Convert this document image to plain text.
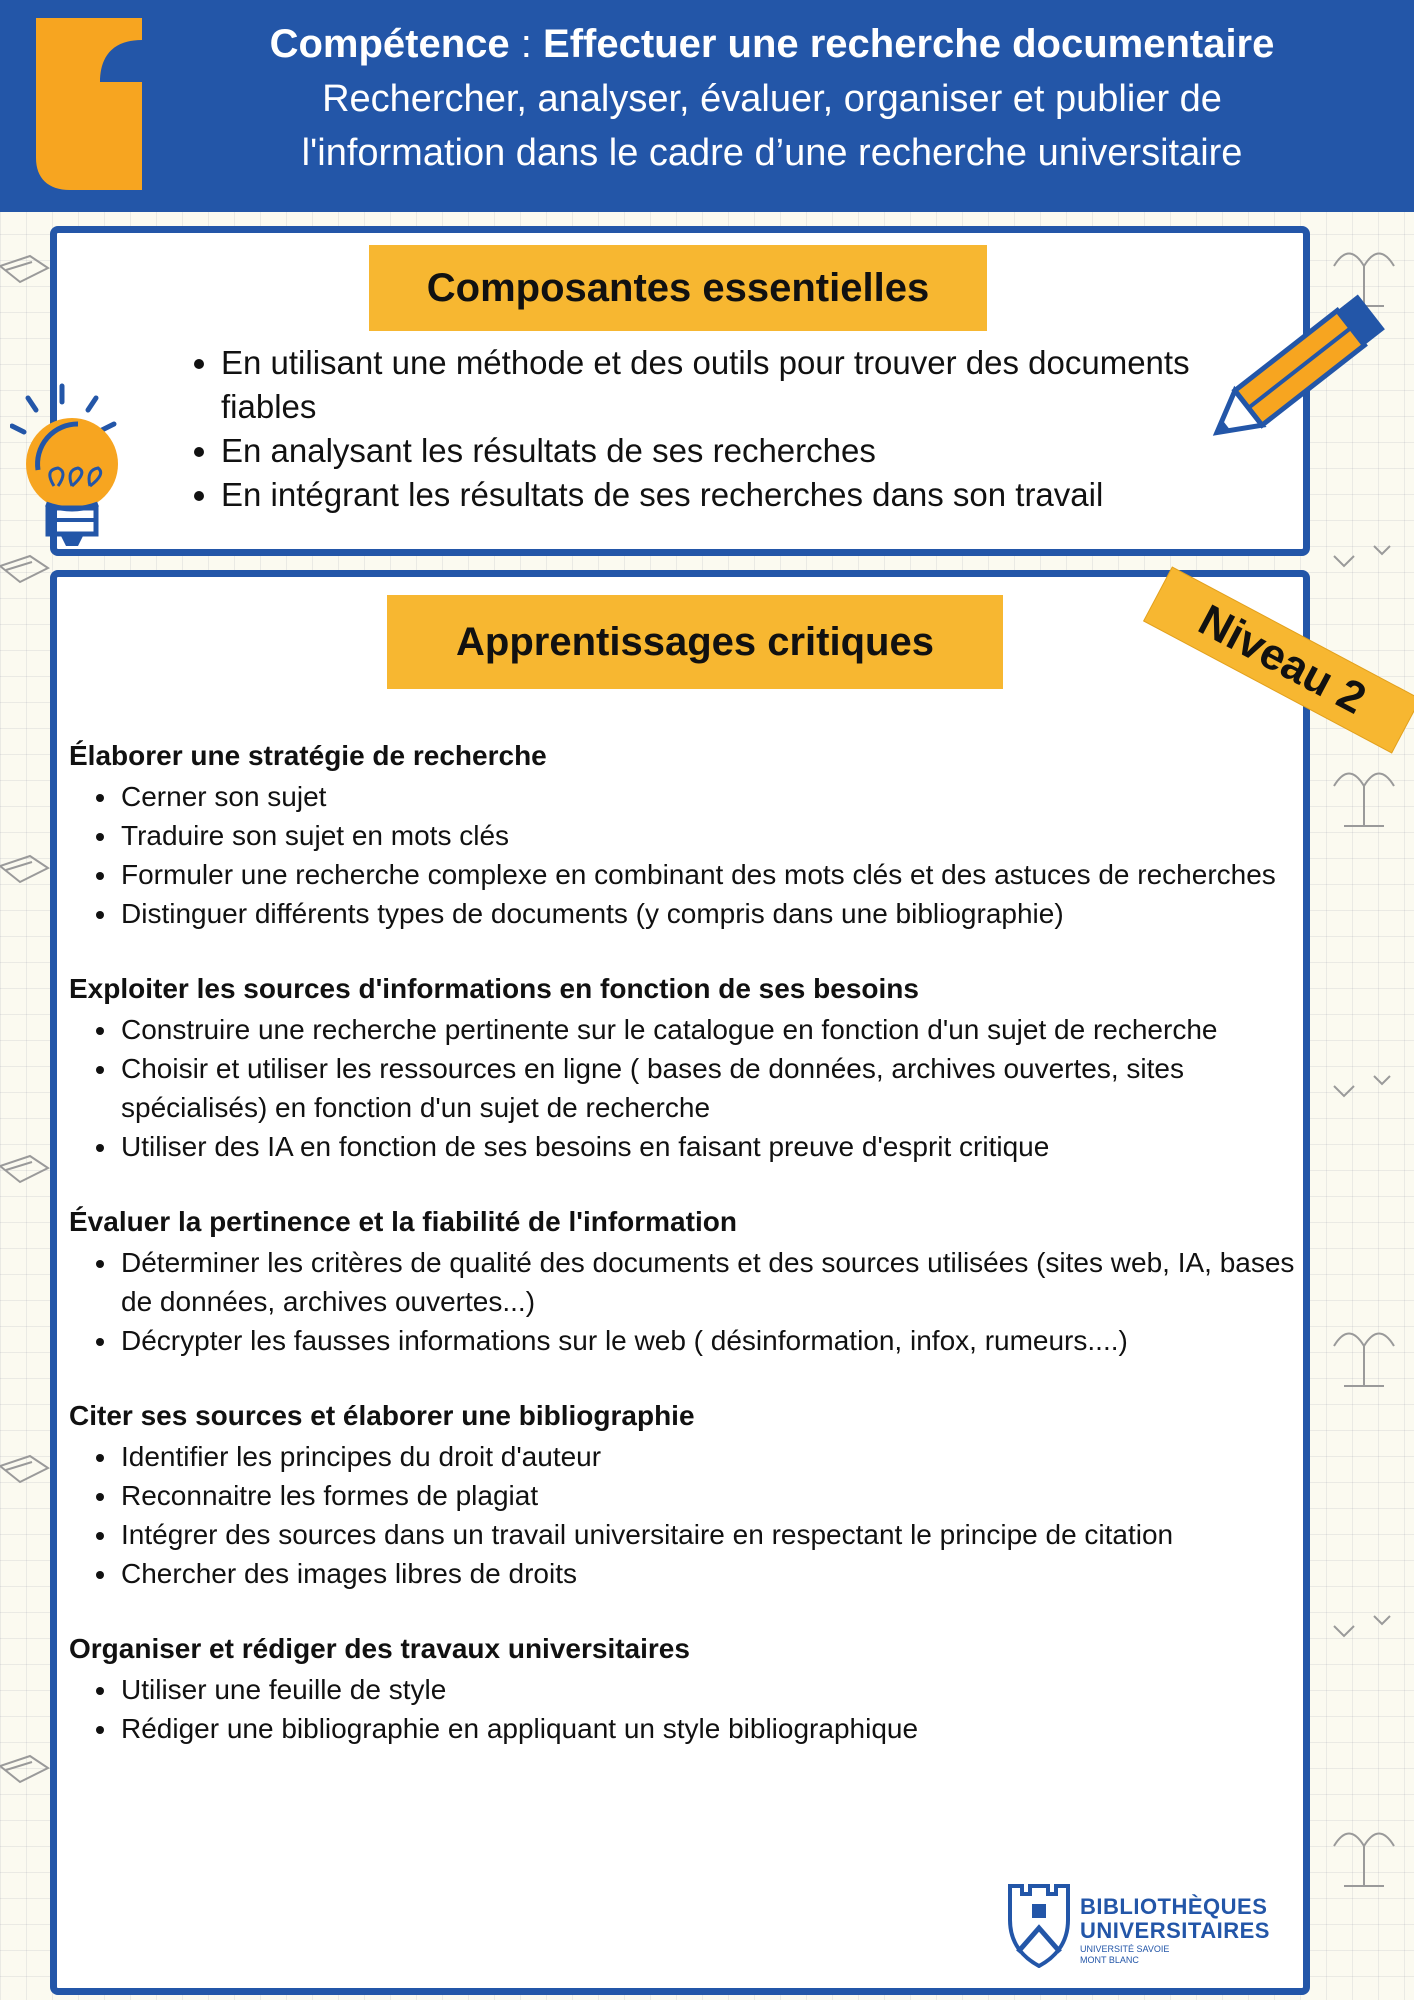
Compétence : Effectuer une recherche documentaire
Rechercher, analyser, évaluer, organiser et publier de
l'information dans le cadre d’une recherche universitaire
Composantes essentielles
• En utilisant une méthode et des outils pour trouver des documents fiables
• En analysant les résultats de ses recherches
• En intégrant les résultats de ses recherches dans son travail
Apprentissages critiques
Élaborer une stratégie de recherche
• Cerner son sujet
• Traduire son sujet en mots clés
• Formuler une recherche complexe en combinant des mots clés et des astuces de recherches
• Distinguer différents types de documents (y compris dans une bibliographie)
Exploiter les sources d'informations en fonction de ses besoins
• Construire une recherche pertinente sur le catalogue en fonction d'un sujet de recherche
• Choisir et utiliser les ressources en ligne ( bases de données, archives ouvertes, sites spécialisés) en fonction d'un sujet de recherche
• Utiliser des IA en fonction de ses besoins en faisant preuve d'esprit critique
Évaluer la pertinence et la fiabilité de l'information
• Déterminer les critères de qualité des documents et des sources utilisées (sites web, IA, bases de données, archives ouvertes...)
• Décrypter les fausses informations sur le web ( désinformation, infox, rumeurs....)
Citer ses sources et élaborer une bibliographie
• Identifier les principes du droit d'auteur
• Reconnaitre les formes de plagiat
• Intégrer des sources dans un travail universitaire en respectant le principe de citation
• Chercher des images libres de droits
Organiser et rédiger des travaux universitaires
• Utiliser une feuille de style
• Rédiger une bibliographie en appliquant un style bibliographique
Niveau 2
BIBLIOTHÈQUES
UNIVERSITAIRES
UNIVERSITÉ SAVOIE
MONT BLANC
